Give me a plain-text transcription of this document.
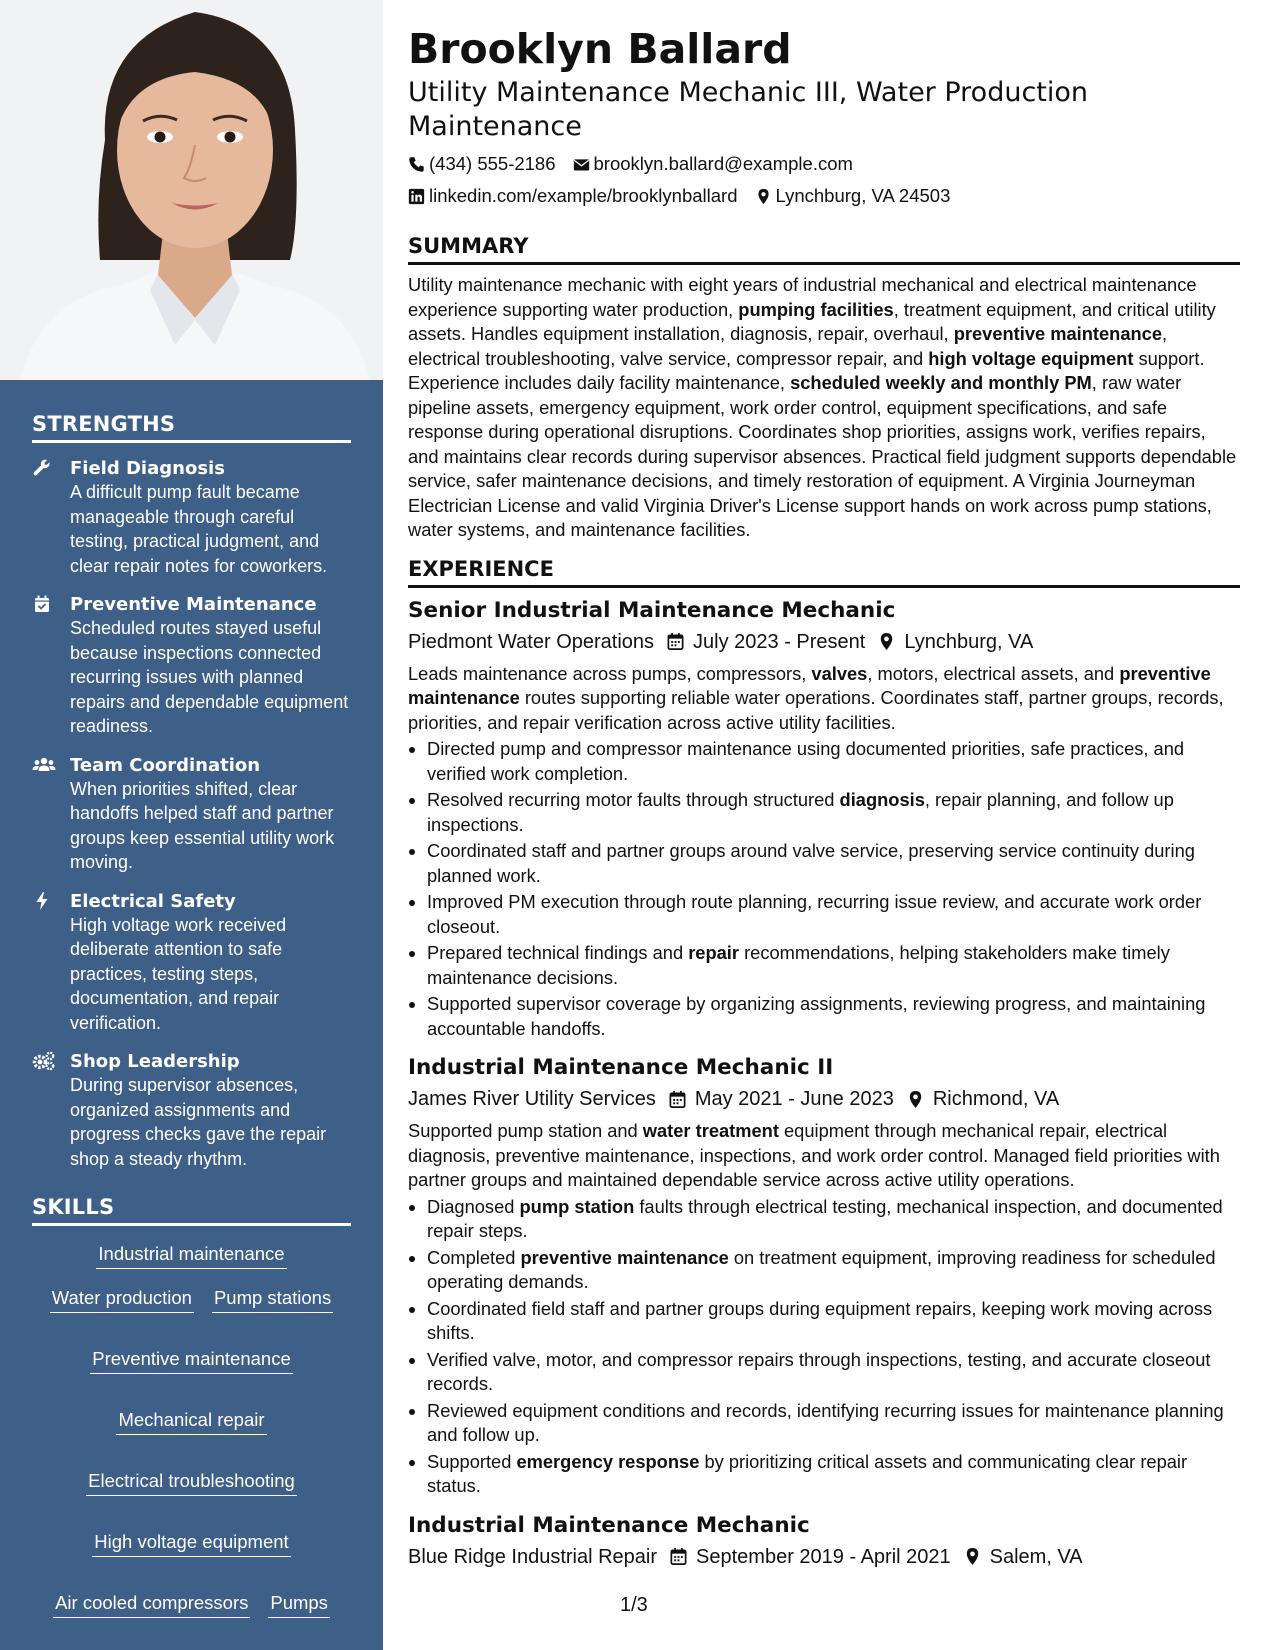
STRENGTHS
Field Diagnosis
A difficult pump fault became manageable through careful testing, practical judgment, and clear repair notes for coworkers.
Preventive Maintenance
Scheduled routes stayed useful because inspections connected recurring issues with planned repairs and dependable equipment readiness.
Team Coordination
When priorities shifted, clear handoffs helped staff and partner groups keep essential utility work moving.
Electrical Safety
High voltage work received deliberate attention to safe practices, testing steps, documentation, and repair verification.
Shop Leadership
During supervisor absences, organized assignments and progress checks gave the repair shop a steady rhythm.
SKILLS
Industrial maintenance
Water production Pump stations
Preventive maintenance
Mechanical repair
Electrical troubleshooting
High voltage equipment
Air cooled compressors Pumps
Brooklyn Ballard
Utility Maintenance Mechanic III, Water Production Maintenance
(434) 555-2186 brooklyn.ballard@example.com
linkedin.com/example/brooklynballard Lynchburg, VA 24503
SUMMARY

Utility maintenance mechanic with eight years of industrial mechanical and electrical maintenance experience supporting water production, pumping facilities, treatment equipment, and critical utility assets. Handles equipment installation, diagnosis, repair, overhaul, preventive maintenance, electrical troubleshooting, valve service, compressor repair, and high voltage equipment support. Experience includes daily facility maintenance, scheduled weekly and monthly PM, raw water pipeline assets, emergency equipment, work order control, equipment specifications, and safe response during operational disruptions. Coordinates shop priorities, assigns work, verifies repairs, and maintains clear records during supervisor absences. Practical field judgment supports dependable service, safer maintenance decisions, and timely restoration of equipment. A Virginia Journeyman Electrician License and valid Virginia Driver's License support hands on work across pump stations, water systems, and maintenance facilities.

EXPERIENCE
Senior Industrial Maintenance Mechanic
Piedmont Water Operations July 2023 - Present Lynchburg, VA

Leads maintenance across pumps, compressors, valves, motors, electrical assets, and preventive maintenance routes supporting reliable water operations. Coordinates staff, partner groups, records, priorities, and repair verification across active utility facilities.

• Directed pump and compressor maintenance using documented priorities, safe practices, and verified work completion.
• Resolved recurring motor faults through structured diagnosis, repair planning, and follow up inspections.
• Coordinated staff and partner groups around valve service, preserving service continuity during planned work.
• Improved PM execution through route planning, recurring issue review, and accurate work order closeout.
• Prepared technical findings and repair recommendations, helping stakeholders make timely maintenance decisions.
• Supported supervisor coverage by organizing assignments, reviewing progress, and maintaining accountable handoffs.
Industrial Maintenance Mechanic II
James River Utility Services May 2021 - June 2023 Richmond, VA

Supported pump station and water treatment equipment through mechanical repair, electrical diagnosis, preventive maintenance, inspections, and work order control. Managed field priorities with partner groups and maintained dependable service across active utility operations.

• Diagnosed pump station faults through electrical testing, mechanical inspection, and documented repair steps.
• Completed preventive maintenance on treatment equipment, improving readiness for scheduled operating demands.
• Coordinated field staff and partner groups during equipment repairs, keeping work moving across shifts.
• Verified valve, motor, and compressor repairs through inspections, testing, and accurate closeout records.
• Reviewed equipment conditions and records, identifying recurring issues for maintenance planning and follow up.
• Supported emergency response by prioritizing critical assets and communicating clear repair status.
Industrial Maintenance Mechanic
Blue Ridge Industrial Repair September 2019 - April 2021 Salem, VA
1/3
